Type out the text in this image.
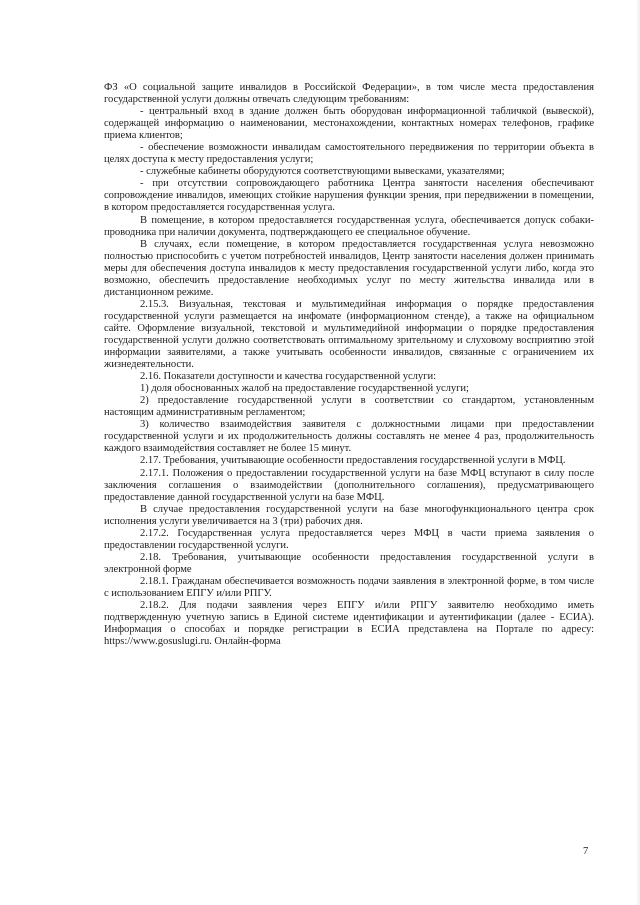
ФЗ «О социальной защите инвалидов в Российской Федерации», в том числе места предоставления государственной услуги должны отвечать следующим требованиям:

- центральный вход в здание должен быть оборудован информационной табличкой (вывеской), содержащей информацию о наименовании, местонахождении, контактных номерах телефонов, графике приема клиентов;

- обеспечение возможности инвалидам самостоятельного передвижения по территории объекта в целях доступа к месту предоставления услуги;

- служебные кабинеты оборудуются соответствующими вывесками, указателями;

- при отсутствии сопровождающего работника Центра занятости населения обеспечивают сопровождение инвалидов, имеющих стойкие нарушения функции зрения, при передвижении в помещении, в котором предоставляется государственная услуга.

В помещение, в котором предоставляется государственная услуга, обеспечивается допуск собаки-проводника при наличии документа, подтверждающего ее специальное обучение.

В случаях, если помещение, в котором предоставляется государственная услуга невозможно полностью приспособить с учетом потребностей инвалидов, Центр занятости населения должен принимать меры для обеспечения доступа инвалидов к месту предоставления государственной услуги либо, когда это возможно, обеспечить предоставление необходимых услуг по месту жительства инвалида или в дистанционном режиме.

2.15.3. Визуальная, текстовая и мультимедийная информация о порядке предоставления государственной услуги размещается на инфомате (информационном стенде), а также на официальном сайте. Оформление визуальной, текстовой и мультимедийной информации о порядке предоставления государственной услуги должно соответствовать оптимальному зрительному и слуховому восприятию этой информации заявителями, а также учитывать особенности инвалидов, связанные с ограничением их жизнедеятельности.

2.16. Показатели доступности и качества государственной услуги:

1) доля обоснованных жалоб на предоставление государственной услуги;

2) предоставление государственной услуги в соответствии со стандартом, установленным настоящим административным регламентом;

3) количество взаимодействия заявителя с должностными лицами при предоставлении государственной услуги и их продолжительность должны составлять не менее 4 раз, продолжительность каждого взаимодействия составляет не более 15 минут.

2.17. Требования, учитывающие особенности предоставления государственной услуги в МФЦ.

2.17.1. Положения о предоставлении государственной услуги на базе МФЦ вступают в силу после заключения соглашения о взаимодействии (дополнительного соглашения), предусматривающего предоставление данной государственной услуги на базе МФЦ.

В случае предоставления государственной услуги на базе многофункционального центра срок исполнения услуги увеличивается на 3 (три) рабочих дня.

2.17.2. Государственная услуга предоставляется через МФЦ в части приема заявления о предоставлении государственной услуги.

2.18. Требования, учитывающие особенности предоставления государственной услуги в электронной форме

2.18.1. Гражданам обеспечивается возможность подачи заявления в электронной форме, в том числе с использованием ЕПГУ и/или РПГУ.

2.18.2. Для подачи заявления через ЕПГУ и/или РПГУ заявителю необходимо иметь подтвержденную учетную запись в Единой системе идентификации и аутентификации (далее - ЕСИА). Информация о способах и порядке регистрации в ЕСИА представлена на Портале по адресу: https://www.gosuslugi.ru. Онлайн-форма

7
